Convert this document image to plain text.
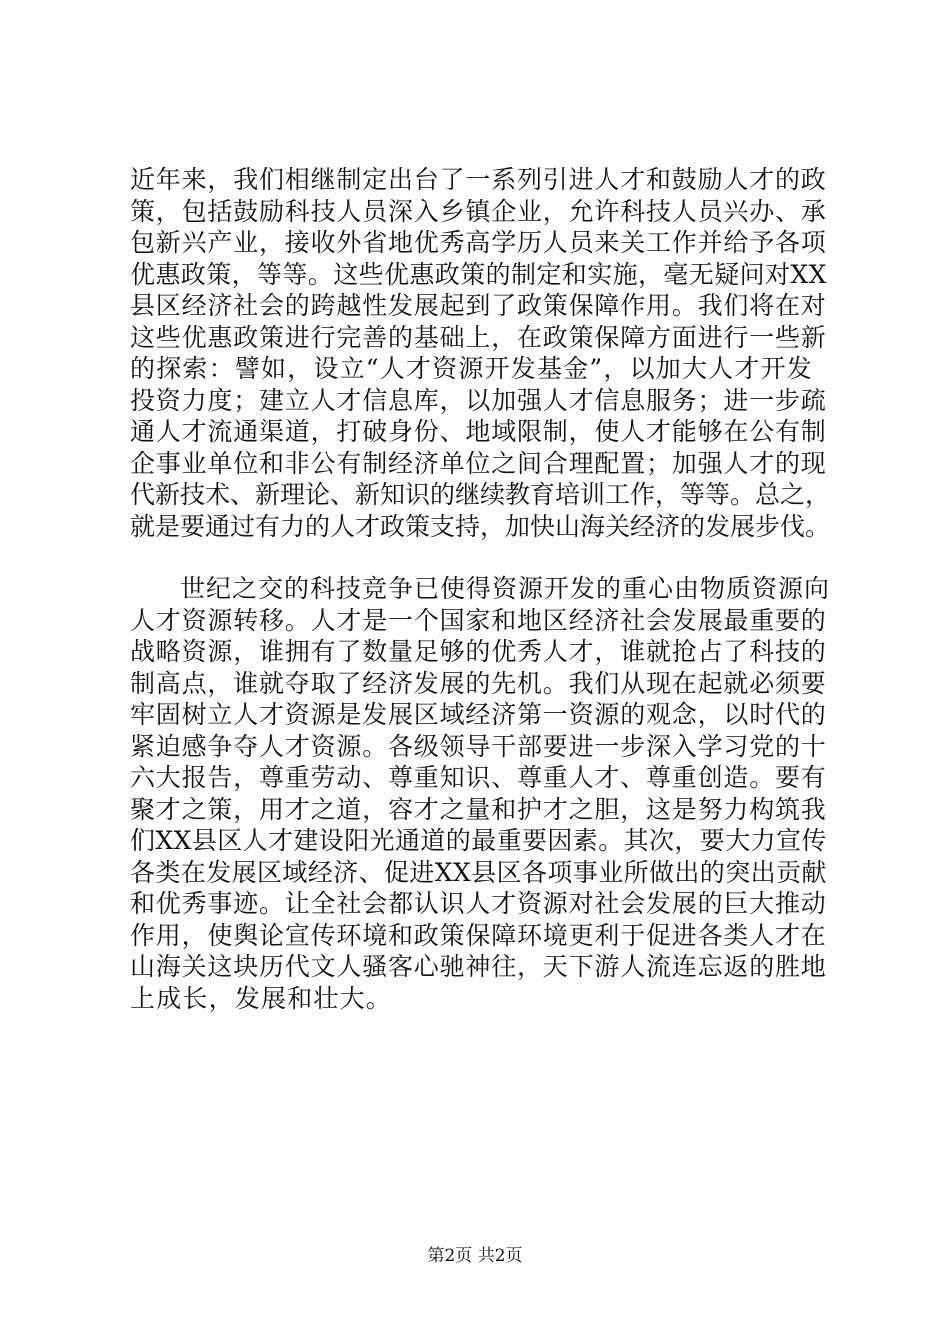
近年来，我们相继制定出台了一系列引进人才和鼓励人才的政
策，包括鼓励科技人员深入乡镇企业，允许科技人员兴办、承
包新兴产业，接收外省地优秀高学历人员来关工作并给予各项
优惠政策，等等。这些优惠政策的制定和实施，毫无疑问对XX
县区经济社会的跨越性发展起到了政策保障作用。我们将在对
这些优惠政策进行完善的基础上，在政策保障方面进行一些新
的探索：譬如，设立“人才资源开发基金”，以加大人才开发
投资力度；建立人才信息库，以加强人才信息服务；进一步疏
通人才流通渠道，打破身份、地域限制，使人才能够在公有制
企事业单位和非公有制经济单位之间合理配置；加强人才的现
代新技术、新理论、新知识的继续教育培训工作，等等。总之，
就是要通过有力的人才政策支持，加快山海关经济的发展步伐。
世纪之交的科技竞争已使得资源开发的重心由物质资源向
人才资源转移。人才是一个国家和地区经济社会发展最重要的
战略资源，谁拥有了数量足够的优秀人才，谁就抢占了科技的
制高点，谁就夺取了经济发展的先机。我们从现在起就必须要
牢固树立人才资源是发展区域经济第一资源的观念，以时代的
紧迫感争夺人才资源。各级领导干部要进一步深入学习党的十
六大报告，尊重劳动、尊重知识、尊重人才、尊重创造。要有
聚才之策，用才之道，容才之量和护才之胆，这是努力构筑我
们XX县区人才建设阳光通道的最重要因素。其次，要大力宣传
各类在发展区域经济、促进XX县区各项事业所做出的突出贡献
和优秀事迹。让全社会都认识人才资源对社会发展的巨大推动
作用，使舆论宣传环境和政策保障环境更利于促进各类人才在
山海关这块历代文人骚客心驰神往，天下游人流连忘返的胜地
上成长，发展和壮大。
第2页 共2页
